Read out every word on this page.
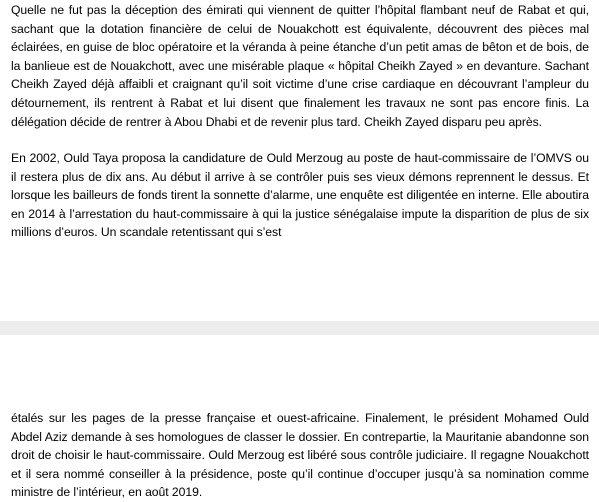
Quelle ne fut pas la déception des émirati qui viennent de quitter l’hôpital flambant neuf de Rabat et qui, sachant que la dotation financière de celui de Nouakchott est équivalente, découvrent des pièces mal éclairées, en guise de bloc opératoire et la véranda à peine étanche d’un petit amas de bêton et de bois, de la banlieue est de Nouakchott, avec une misérable plaque « hôpital Cheikh Zayed » en devanture. Sachant Cheikh Zayed déjà affaibli et craignant qu’il soit victime d’une crise cardiaque en découvrant l’ampleur du détournement, ils rentrent à Rabat et lui disent que finalement les travaux ne sont pas encore finis. La délégation décide de rentrer à Abou Dhabi et de revenir plus tard. Cheikh Zayed disparu peu après.

En 2002, Ould Taya proposa la candidature de Ould Merzoug au poste de haut-commissaire de l’OMVS ou il restera plus de dix ans. Au début il arrive à se contrôler puis ses vieux démons reprennent le dessus. Et lorsque les bailleurs de fonds tirent la sonnette d’alarme, une enquête est diligentée en interne. Elle aboutira en 2014 à l’arrestation du haut-commissaire à qui la justice sénégalaise impute la disparition de plus de six millions d’euros. Un scandale retentissant qui s’est

étalés sur les pages de la presse française et ouest-africaine. Finalement, le président Mohamed Ould Abdel Aziz demande à ses homologues de classer le dossier. En contrepartie, la Mauritanie abandonne son droit de choisir le haut-commissaire. Ould Merzoug est libéré sous contrôle judiciaire. Il regagne Nouakchott et il sera nommé conseiller à la présidence, poste qu’il continue d’occuper jusqu’à sa nomination comme ministre de l’intérieur, en août 2019.
